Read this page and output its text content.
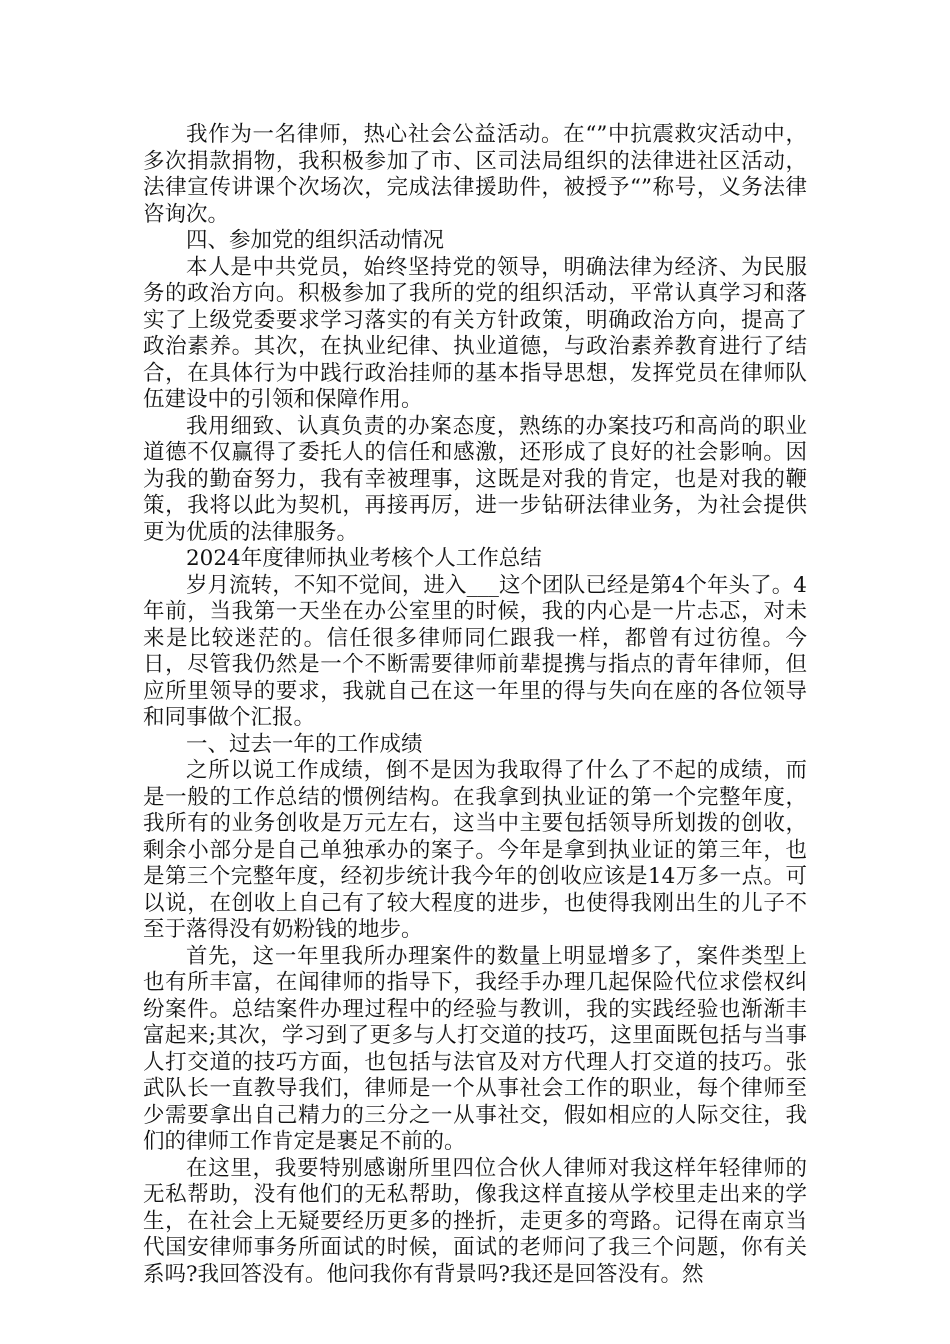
我作为一名律师，热心社会公益活动。在“”中抗震救灾活动中，多次捐款捐物，我积极参加了市、区司法局组织的法律进社区活动，法律宣传讲课个次场次，完成法律援助件，被授予“”称号，义务法律咨询次。

四、参加党的组织活动情况

本人是中共党员，始终坚持党的领导，明确法律为经济、为民服务的政治方向。积极参加了我所的党的组织活动，平常认真学习和落实了上级党委要求学习落实的有关方针政策，明确政治方向，提高了政治素养。其次，在执业纪律、执业道德，与政治素养教育进行了结合，在具体行为中践行政治挂师的基本指导思想，发挥党员在律师队伍建设中的引领和保障作用。

我用细致、认真负责的办案态度，熟练的办案技巧和高尚的职业道德不仅赢得了委托人的信任和感激，还形成了良好的社会影响。因为我的勤奋努力，我有幸被理事，这既是对我的肯定，也是对我的鞭策，我将以此为契机，再接再厉，进一步钻研法律业务，为社会提供更为优质的法律服务。

2024年度律师执业考核个人工作总结

岁月流转，不知不觉间，进入___这个团队已经是第4个年头了。4年前，当我第一天坐在办公室里的时候，我的内心是一片忐忑，对未来是比较迷茫的。信任很多律师同仁跟我一样，都曾有过彷徨。今日，尽管我仍然是一个不断需要律师前辈提携与指点的青年律师，但应所里领导的要求，我就自己在这一年里的得与失向在座的各位领导和同事做个汇报。

一、过去一年的工作成绩

之所以说工作成绩，倒不是因为我取得了什么了不起的成绩，而是一般的工作总结的惯例结构。在我拿到执业证的第一个完整年度，我所有的业务创收是万元左右，这当中主要包括领导所划拨的创收，剩余小部分是自己单独承办的案子。今年是拿到执业证的第三年，也是第三个完整年度，经初步统计我今年的创收应该是14万多一点。可以说，在创收上自己有了较大程度的进步，也使得我刚出生的儿子不至于落得没有奶粉钱的地步。

首先，这一年里我所办理案件的数量上明显增多了，案件类型上也有所丰富，在闻律师的指导下，我经手办理几起保险代位求偿权纠纷案件。总结案件办理过程中的经验与教训，我的实践经验也渐渐丰富起来;其次，学习到了更多与人打交道的技巧，这里面既包括与当事人打交道的技巧方面，也包括与法官及对方代理人打交道的技巧。张武队长一直教导我们，律师是一个从事社会工作的职业，每个律师至少需要拿出自己精力的三分之一从事社交，假如相应的人际交往，我们的律师工作肯定是裹足不前的。

在这里，我要特别感谢所里四位合伙人律师对我这样年轻律师的无私帮助，没有他们的无私帮助，像我这样直接从学校里走出来的学生，在社会上无疑要经历更多的挫折，走更多的弯路。记得在南京当代国安律师事务所面试的时候，面试的老师问了我三个问题，你有关系吗?我回答没有。他问我你有背景吗?我还是回答没有。然
